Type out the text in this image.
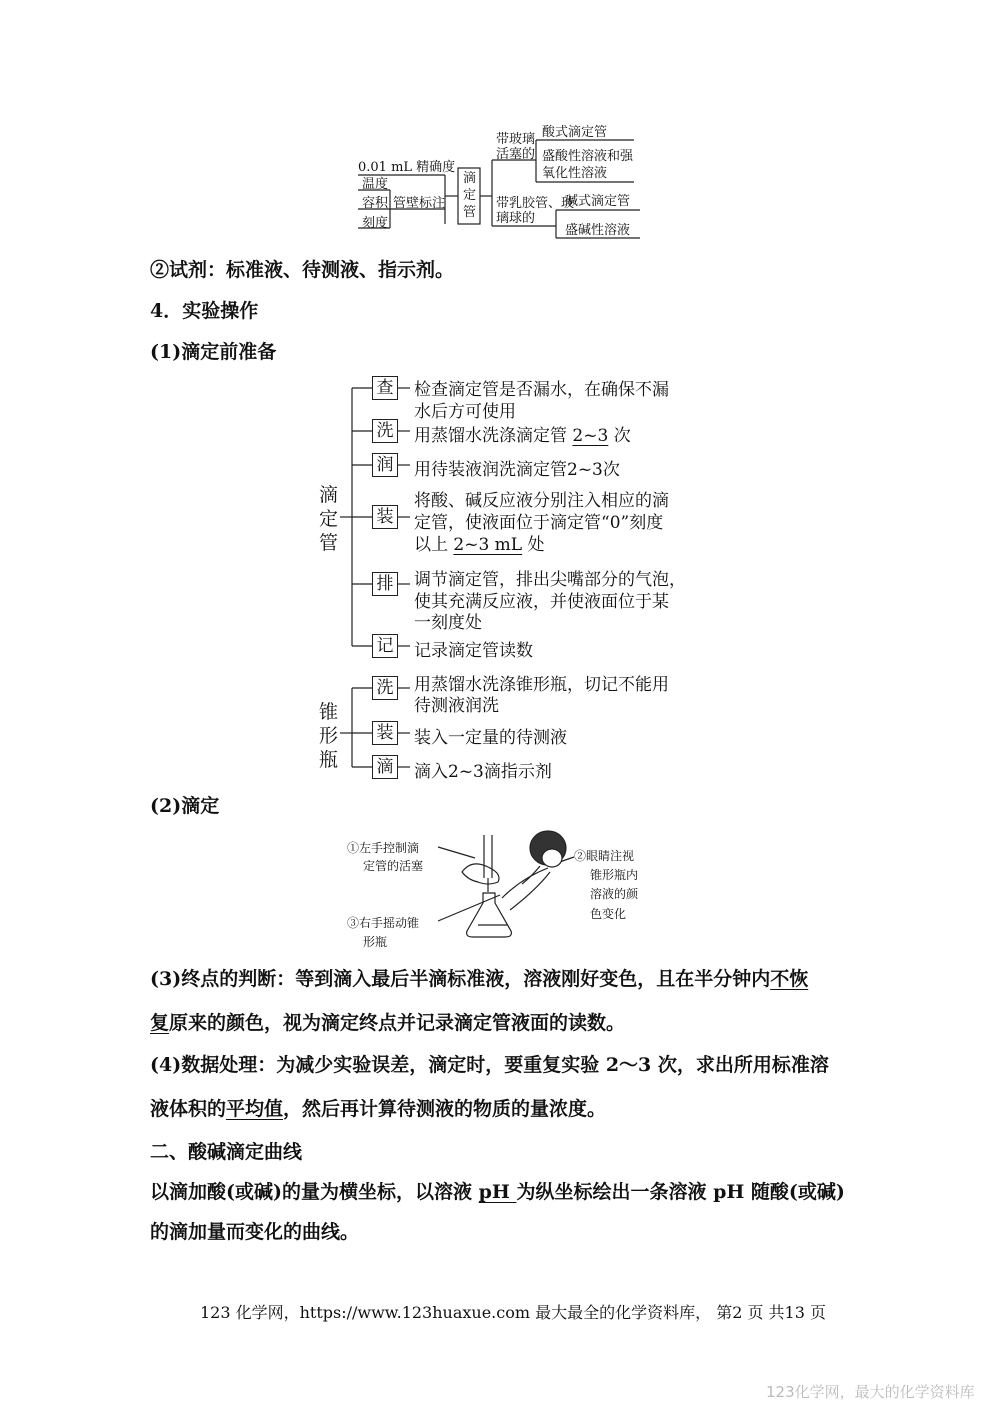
0.01 mL 精确度
温度
容积
刻度
管壁标注
滴定管
带玻璃活塞的
酸式滴定管
盛酸性溶液和强氧化性溶液
带乳胶管、玻璃球的
碱式滴定管
盛碱性溶液
②试剂：标准液、待测液、指示剂。
4．实验操作
(1)滴定前准备
滴定管
锥形瓶
查 检查滴定管是否漏水，在确保不漏
水后方可使用
洗 用蒸馏水洗涤滴定管 2~3 次
润 用待装液润洗滴定管2~3次
装
将酸、碱反应液分别注入相应的滴
定管，使液面位于滴定管“0”刻度
以上 2~3 mL 处
排 调节滴定管，排出尖嘴部分的气泡，
使其充满反应液，并使液面位于某
一刻度处
记 记录滴定管读数
洗 用蒸馏水洗涤锥形瓶，切记不能用
待测液润洗
装 装入一定量的待测液
滴 滴入2~3滴指示剂
(2)滴定
①左手控制滴
定管的活塞
②眼睛注视
锥形瓶内
溶液的颜
色变化
③右手摇动锥
形瓶
(3)终点的判断：等到滴入最后半滴标准液，溶液刚好变色，且在半分钟内不恢
复原来的颜色，视为滴定终点并记录滴定管液面的读数。
(4)数据处理：为减少实验误差，滴定时，要重复实验 2～3 次，求出所用标准溶
液体积的平均值，然后再计算待测液的物质的量浓度。
二、酸碱滴定曲线
以滴加酸(或碱)的量为横坐标，以溶液 pH 为纵坐标绘出一条溶液 pH 随酸(或碱)
的滴加量而变化的曲线。
123 化学网，https://www.123huaxue.com 最大最全的化学资料库， 第2 页 共13 页
123化学网，最大的化学资料库
